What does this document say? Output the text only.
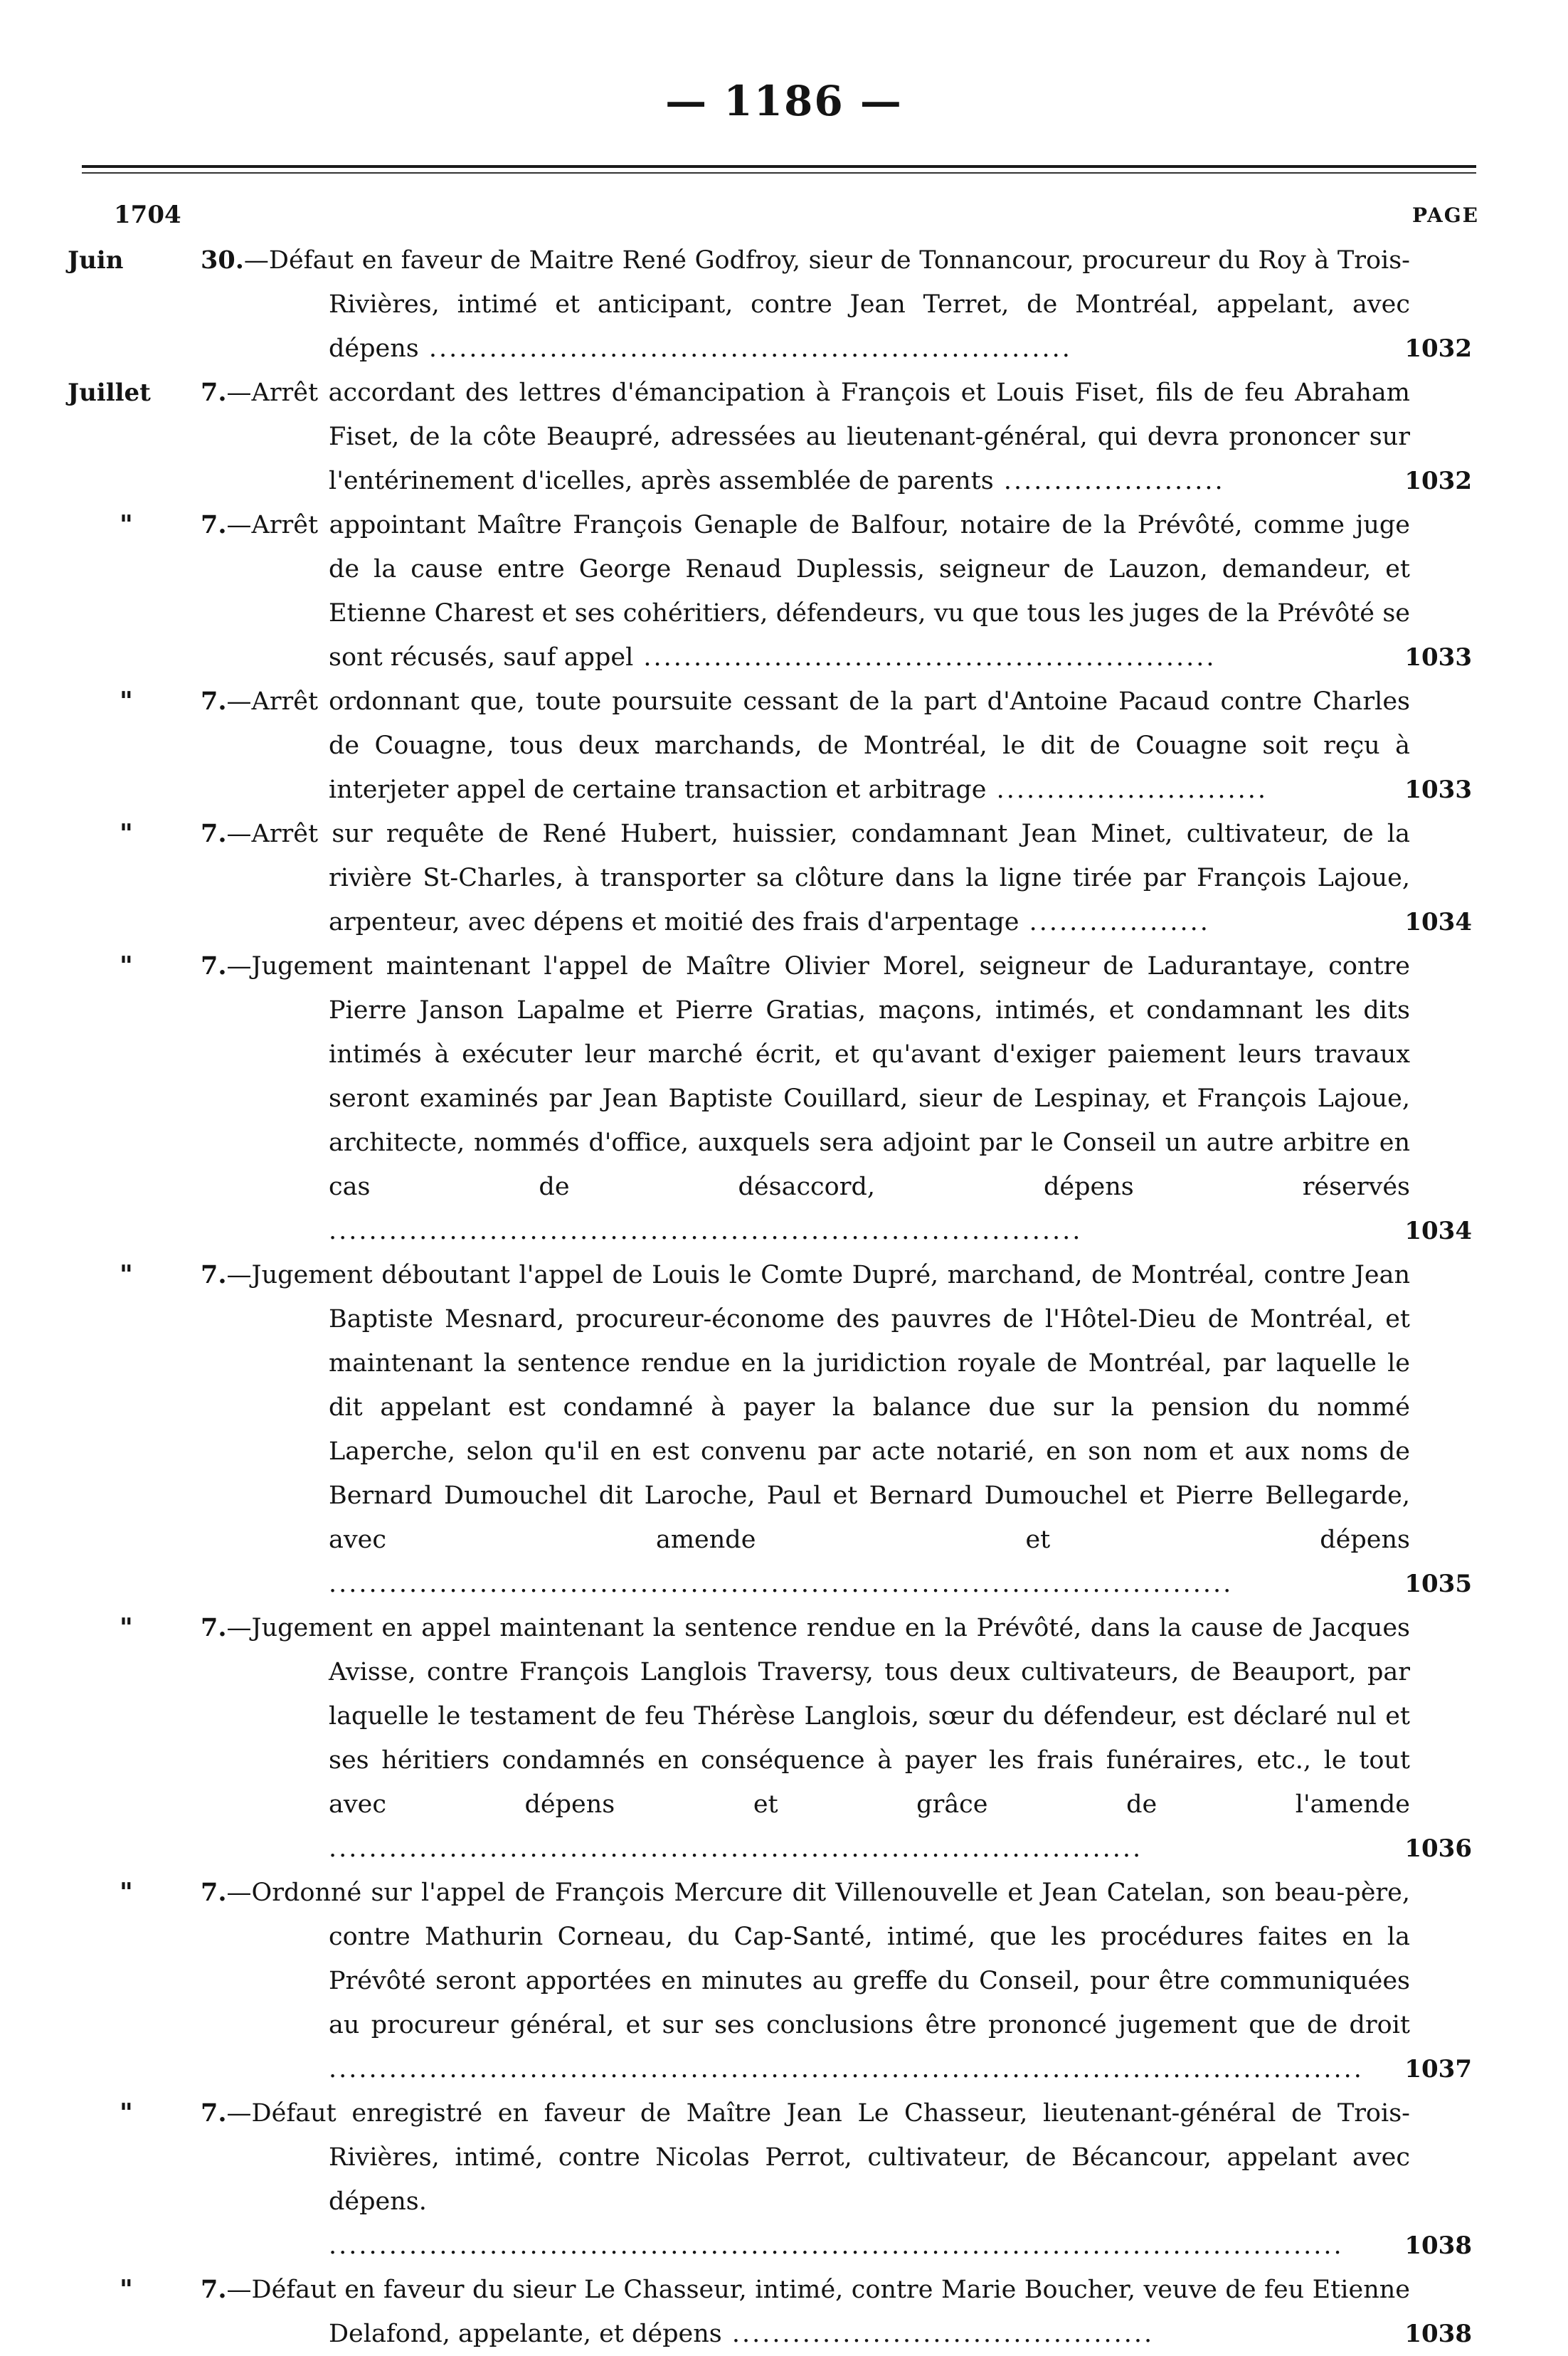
— 1186 —
1704	PAGE
Juin	30.—Défaut en faveur de Maitre René Godfroy, sieur de Tonnancour, procureur du Roy à Trois-Rivières, intimé et anticipant, contre Jean Terret, de Montréal, appelant, avec dépens ................................................................	1032
Juillet 7.—Arrêt accordant des lettres d'émancipation à François et Louis Fiset, fils de feu Abraham Fiset, de la côte Beaupré, adressées au lieutenant-général, qui devra prononcer sur l'entérinement d'icelles, après assemblée de parents ......................	1032
"	7.—Arrêt appointant Maître François Genaple de Balfour, notaire de la Prévôté, comme juge de la cause entre George Renaud Duplessis, seigneur de Lauzon, demandeur, et Etienne Charest et ses cohéritiers, défendeurs, vu que tous les juges de la Prévôté se sont récusés, sauf appel .........................................................	1033
"	7.—Arrêt ordonnant que, toute poursuite cessant de la part d'Antoine Pacaud contre Charles de Couagne, tous deux marchands, de Montréal, le dit de Couagne soit reçu à interjeter appel de certaine transaction et arbitrage ...........................	1033
"	7.—Arrêt sur requête de René Hubert, huissier, condamnant Jean Minet, cultivateur, de la rivière St-Charles, à transporter sa clôture dans la ligne tirée par François Lajoue, arpenteur, avec dépens et moitié des frais d'arpentage ..................	1034
"	7.—Jugement maintenant l'appel de Maître Olivier Morel, seigneur de Ladurantaye, contre Pierre Janson Lapalme et Pierre Gratias, maçons, intimés, et condamnant les dits intimés à exécuter leur marché écrit, et qu'avant d'exiger paiement leurs travaux seront examinés par Jean Baptiste Couillard, sieur de Lespinay, et François Lajoue, architecte, nommés d'office, auxquels sera adjoint par le Conseil un autre arbitre en cas de désaccord, dépens réservés ...........................................................................	1034
"	7.—Jugement déboutant l'appel de Louis le Comte Dupré, marchand, de Montréal, contre Jean Baptiste Mesnard, procureur-économe des pauvres de l'Hôtel-Dieu de Montréal, et maintenant la sentence rendue en la juridiction royale de Montréal, par laquelle le dit appelant est condamné à payer la balance due sur la pension du nommé Laperche, selon qu'il en est convenu par acte notarié, en son nom et aux noms de Bernard Dumouchel dit Laroche, Paul et Bernard Dumouchel et Pierre Bellegarde, avec amende et dépens ..........................................................................................	1035
"	7.—Jugement en appel maintenant la sentence rendue en la Prévôté, dans la cause de Jacques Avisse, contre François Langlois Traversy, tous deux cultivateurs, de Beauport, par laquelle le testament de feu Thérèse Langlois, sœur du défendeur, est déclaré nul et ses héritiers condamnés en conséquence à payer les frais funéraires, etc., le tout avec dépens et grâce de l'amende .................................................................................	1036
"	7.—Ordonné sur l'appel de François Mercure dit Villenouvelle et Jean Catelan, son beau-père, contre Mathurin Corneau, du Cap-Santé, intimé, que les procédures faites en la Prévôté seront apportées en minutes au greffe du Conseil, pour être communiquées au procureur général, et sur ses conclusions être prononcé jugement que de droit .......................................................................................................	1037
"	7.—Défaut enregistré en faveur de Maître Jean Le Chasseur, lieutenant-général de Trois-Rivières, intimé, contre Nicolas Perrot, cultivateur, de Bécancour, appelant avec dépens. .....................................................................................................	1038
"	7.—Défaut en faveur du sieur Le Chasseur, intimé, contre Marie Boucher, veuve de feu Etienne Delafond, appelante, et dépens ..........................................	1038
